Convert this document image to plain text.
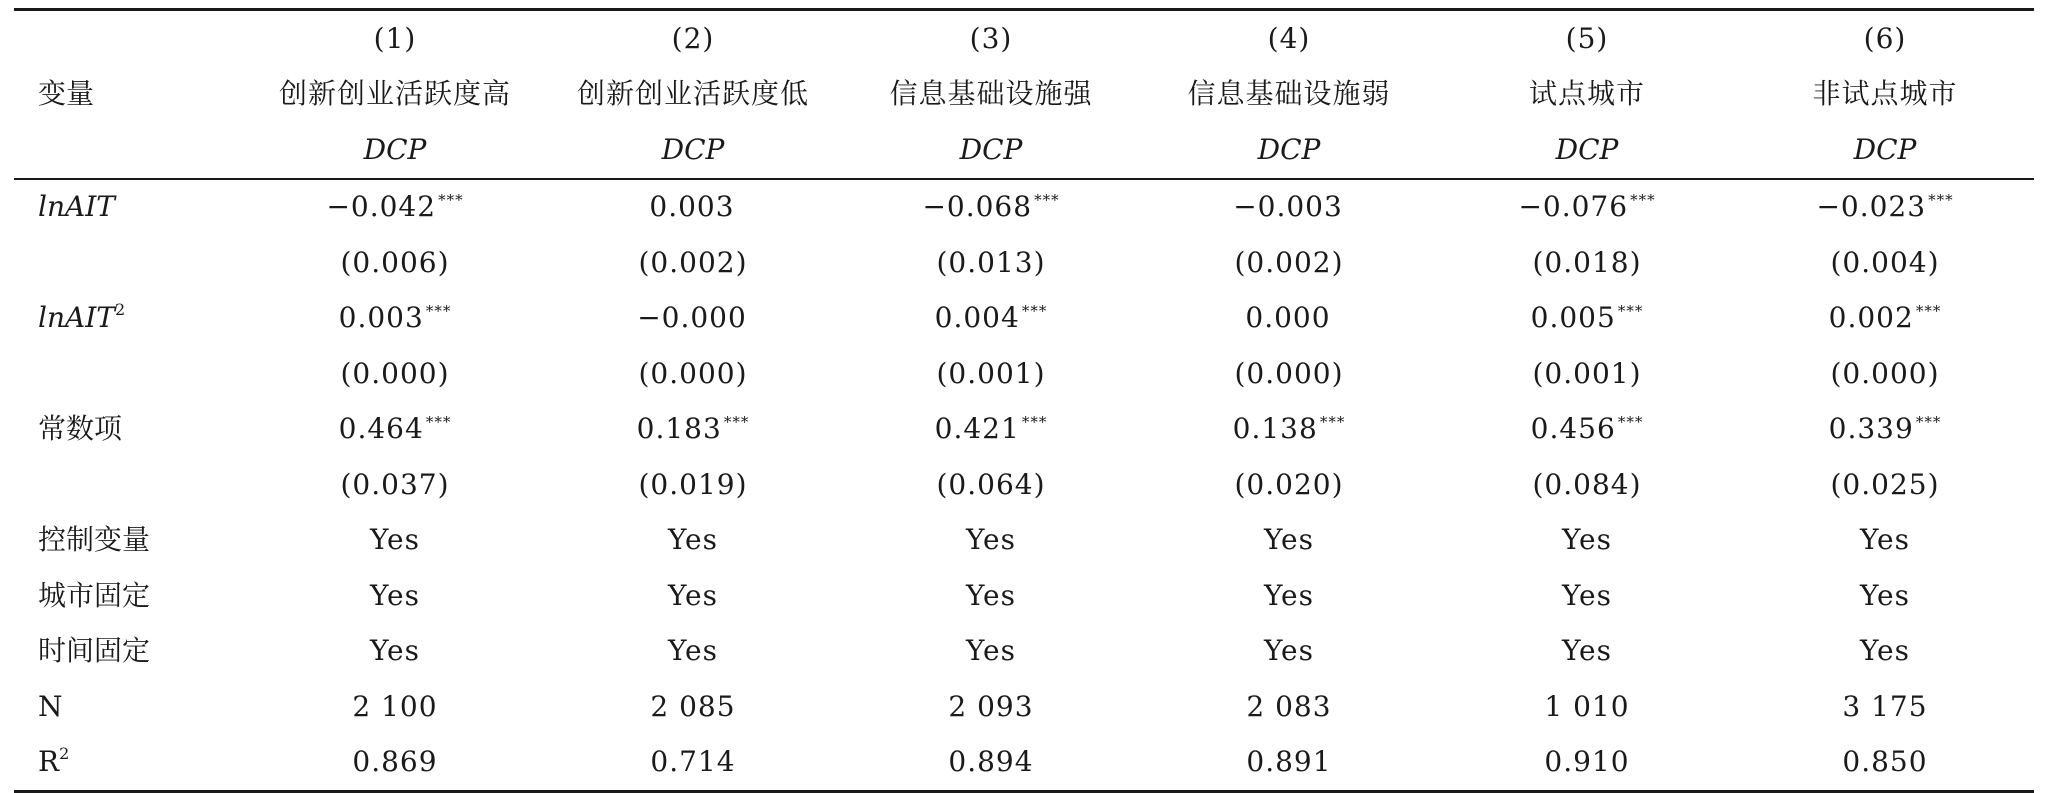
	(1)	(2)	(3)	(4)	(5)	(6)
变量	创新创业活跃度高	创新创业活跃度低	信息基础设施强	信息基础设施弱	试点城市	非试点城市
	DCP	DCP	DCP	DCP	DCP	DCP
lnAIT	−0.042 ***	0.003	−0.068 ***	−0.003	−0.076 ***	−0.023 ***
	(0.006)	(0.002)	(0.013)	(0.002)	(0.018)	(0.004)
lnAIT$^2$	0.003 ***	−0.000	0.004 ***	0.000	0.005 ***	0.002 ***
	(0.000)	(0.000)	(0.001)	(0.000)	(0.001)	(0.000)
常数项	0.464 ***	0.183 ***	0.421 ***	0.138 ***	0.456 ***	0.339 ***
	(0.037)	(0.019)	(0.064)	(0.020)	(0.084)	(0.025)
控制变量	Yes	Yes	Yes	Yes	Yes	Yes
城市固定	Yes	Yes	Yes	Yes	Yes	Yes
时间固定	Yes	Yes	Yes	Yes	Yes	Yes
N	2 100	2 085	2 093	2 083	1 010	3 175
$R^2$	0.869	0.714	0.894	0.891	0.910	0.850
